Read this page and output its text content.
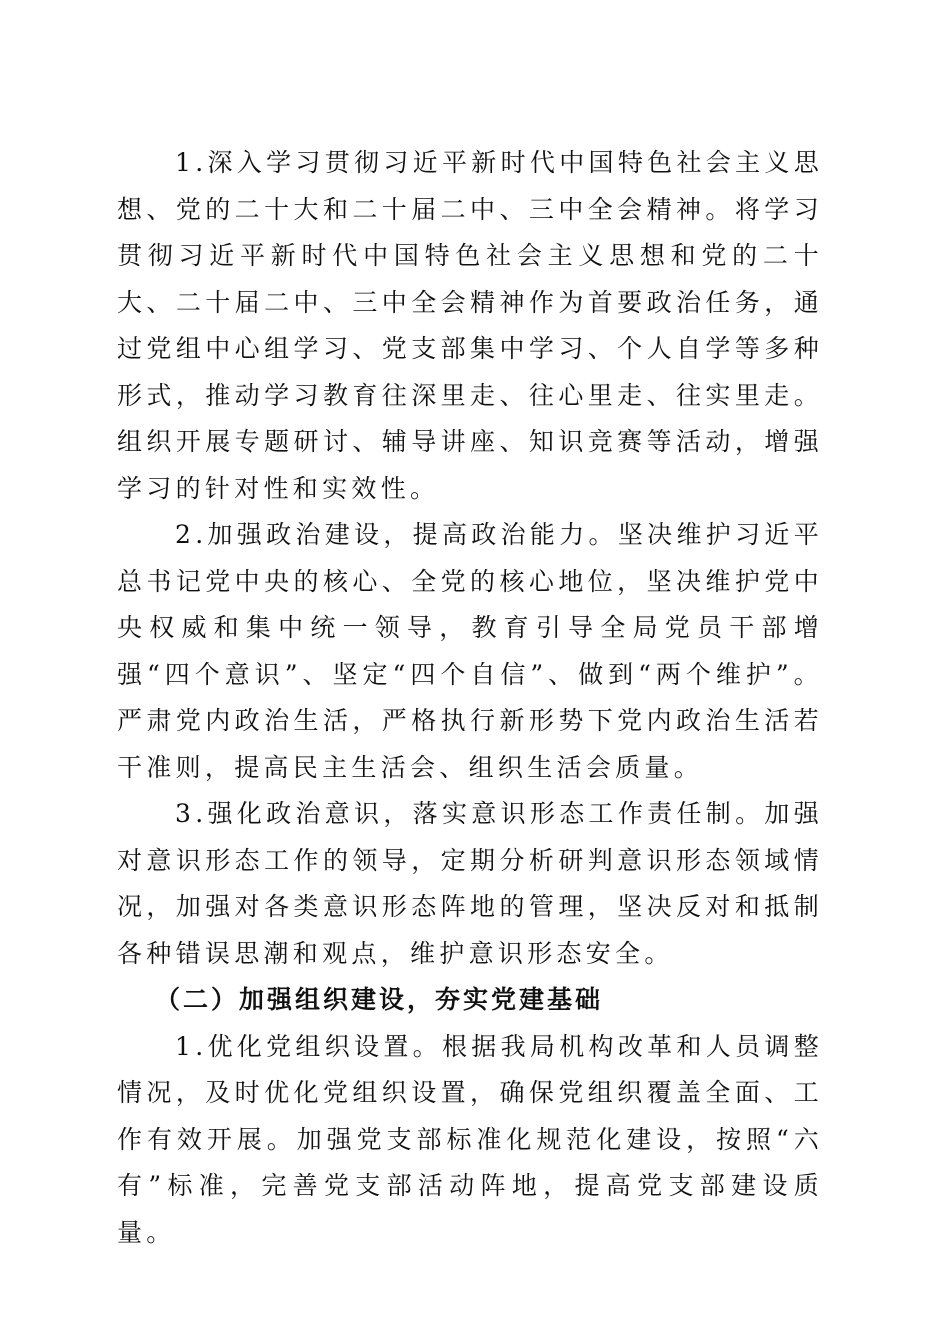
1.深入学习贯彻习近平新时代中国特色社会主义思想、党的二十大和二十届二中、三中全会精神。将学习贯彻习近平新时代中国特色社会主义思想和党的二十大、二十届二中、三中全会精神作为首要政治任务，通过党组中心组学习、党支部集中学习、个人自学等多种形式，推动学习教育往深里走、往心里走、往实里走。组织开展专题研讨、辅导讲座、知识竞赛等活动，增强学习的针对性和实效性。

2.加强政治建设，提高政治能力。坚决维护习近平总书记党中央的核心、全党的核心地位，坚决维护党中央权威和集中统一领导，教育引导全局党员干部增强“四个意识”、坚定“四个自信”、做到“两个维护”。严肃党内政治生活，严格执行新形势下党内政治生活若干准则，提高民主生活会、组织生活会质量。

3.强化政治意识，落实意识形态工作责任制。加强对意识形态工作的领导，定期分析研判意识形态领域情况，加强对各类意识形态阵地的管理，坚决反对和抵制各种错误思潮和观点，维护意识形态安全。

（二）加强组织建设，夯实党建基础

1.优化党组织设置。根据我局机构改革和人员调整情况，及时优化党组织设置，确保党组织覆盖全面、工作有效开展。加强党支部标准化规范化建设，按照“六有”标准，完善党支部活动阵地，提高党支部建设质量。
